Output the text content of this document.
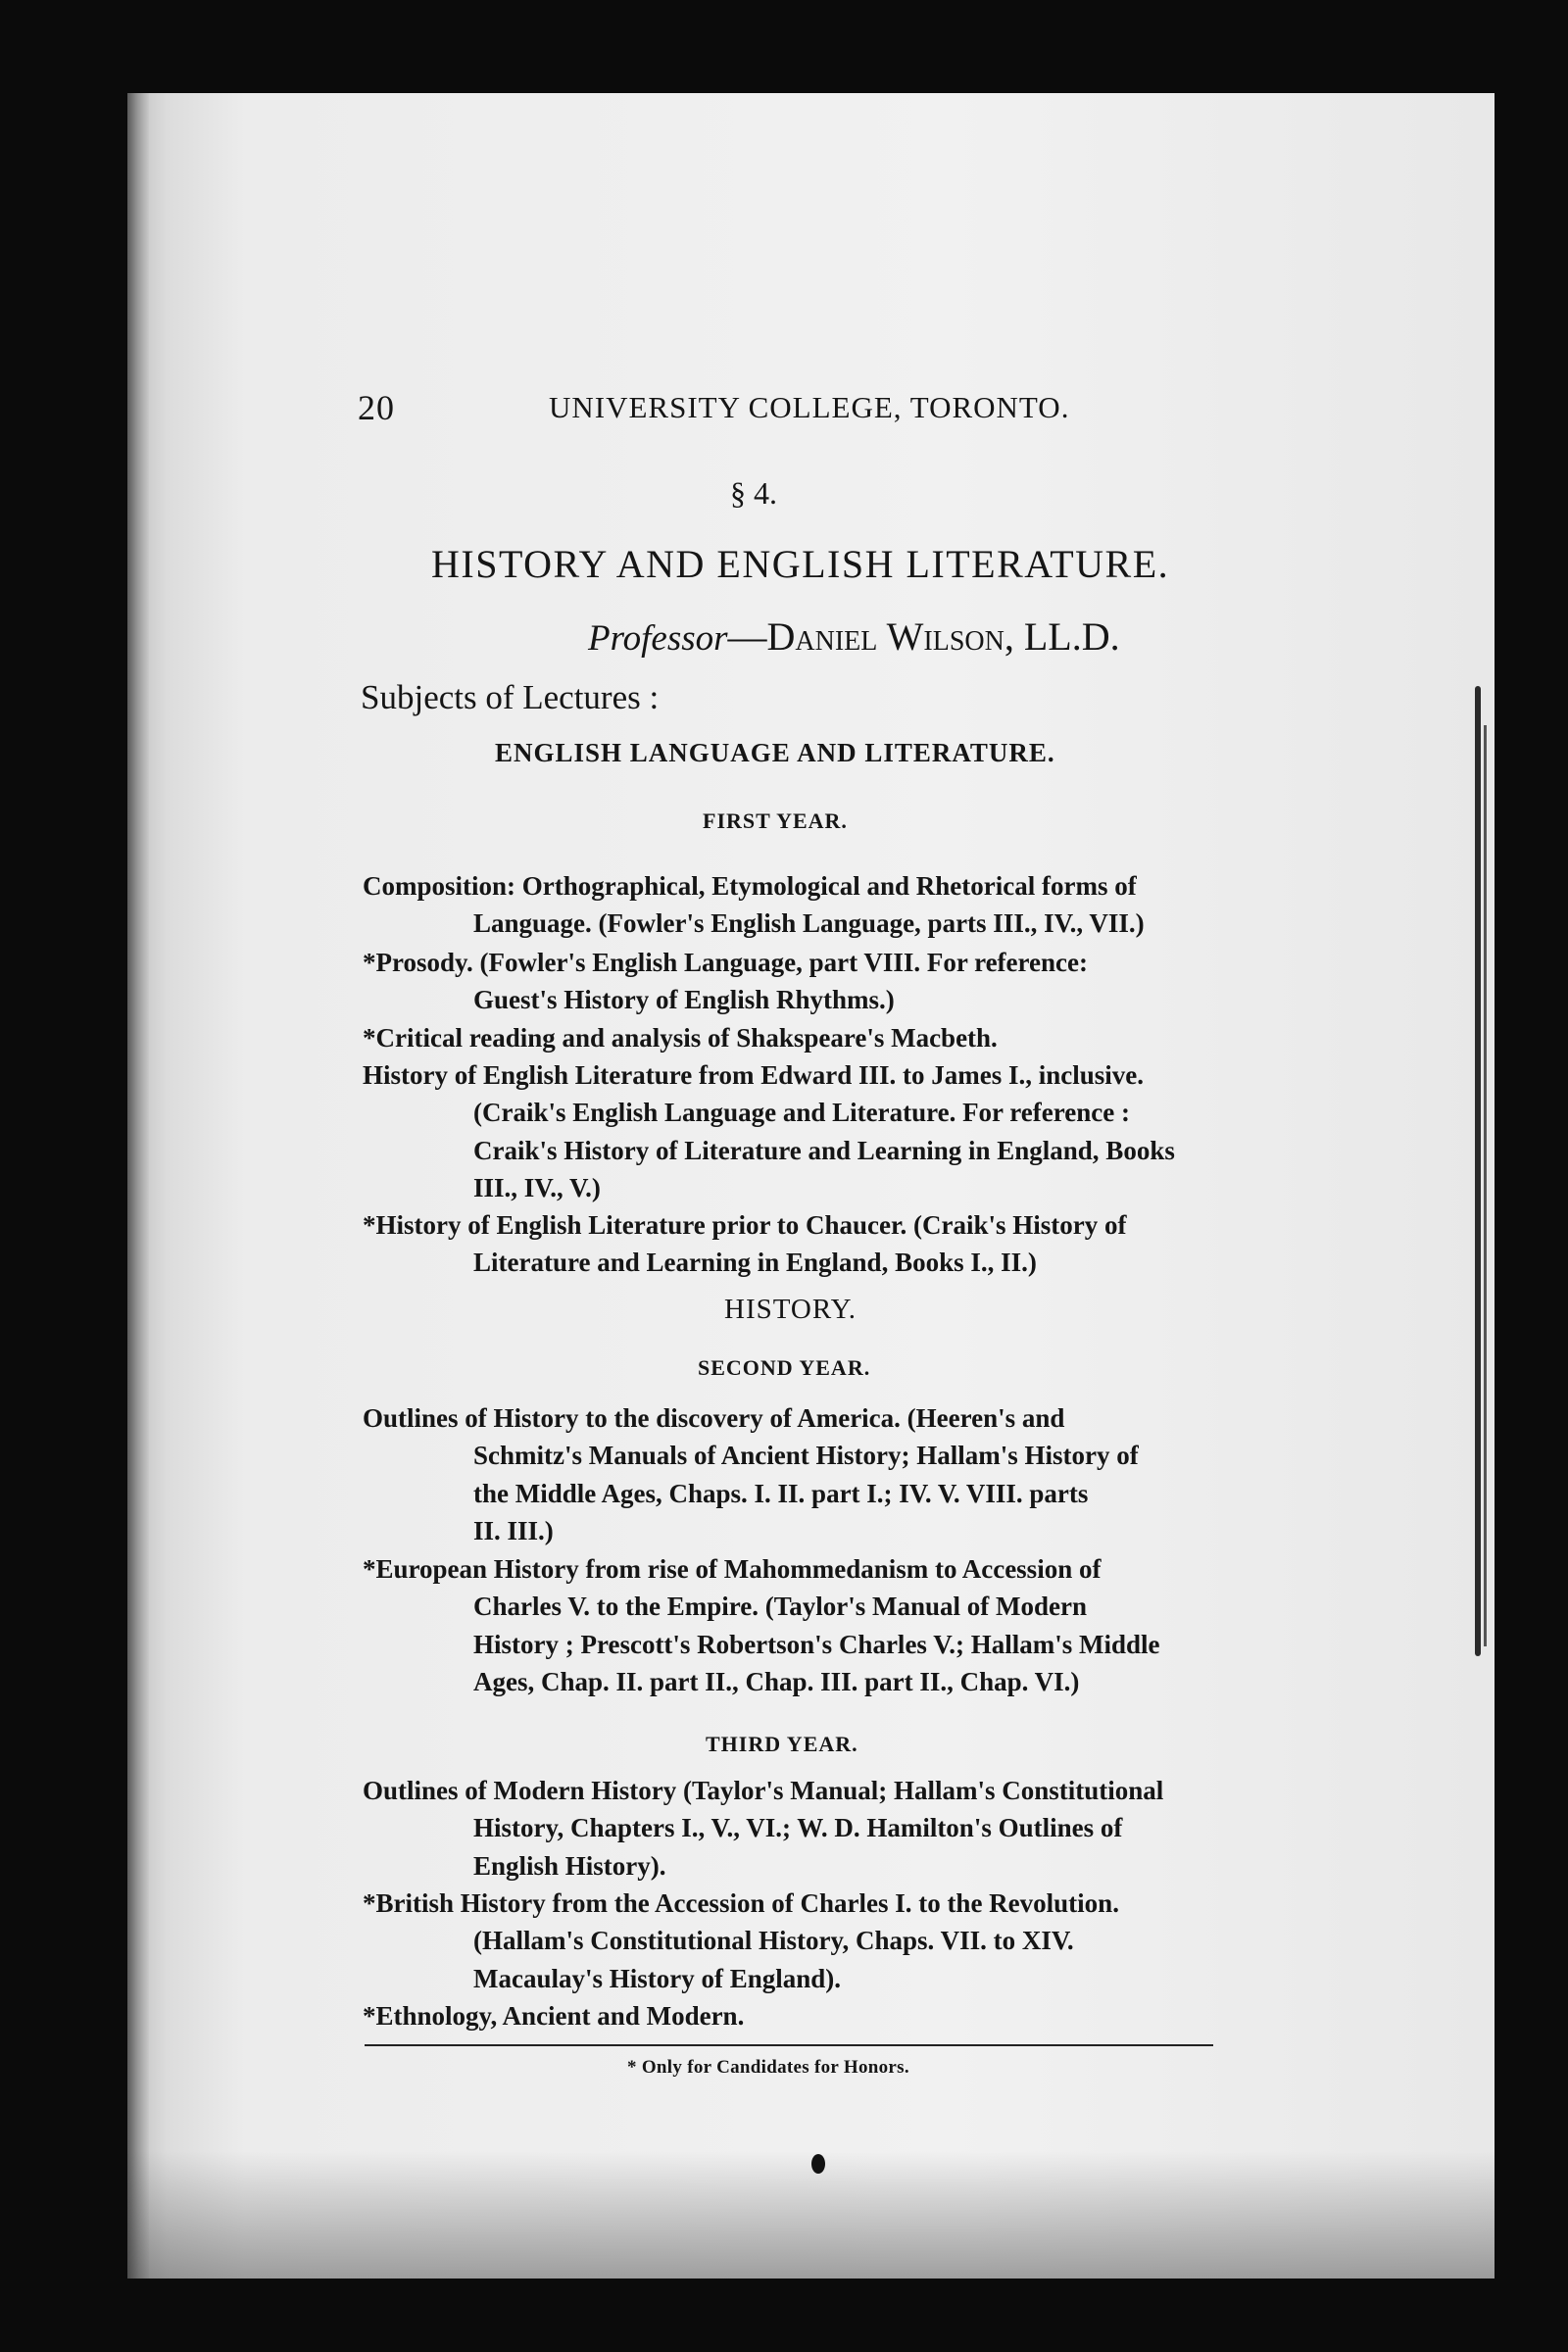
20	UNIVERSITY COLLEGE, TORONTO.
§ 4.
HISTORY AND ENGLISH LITERATURE.
Professor—Daniel Wilson, LL.D.
Subjects of Lectures :
ENGLISH LANGUAGE AND LITERATURE.
FIRST YEAR.
Composition: Orthographical, Etymological and Rhetorical forms of
Language. (Fowler's English Language, parts III., IV., VII.)
*Prosody. (Fowler's English Language, part VIII. For reference:
Guest's History of English Rhythms.)
*Critical reading and analysis of Shakspeare's Macbeth.
History of English Literature from Edward III. to James I., inclusive.
(Craik's English Language and Literature. For reference :
Craik's History of Literature and Learning in England, Books
III., IV., V.)
*History of English Literature prior to Chaucer. (Craik's History of
Literature and Learning in England, Books I., II.)
HISTORY.
SECOND YEAR.
Outlines of History to the discovery of America. (Heeren's and
Schmitz's Manuals of Ancient History; Hallam's History of
the Middle Ages, Chaps. I. II. part I.; IV. V. VIII. parts
II. III.)
*European History from rise of Mahommedanism to Accession of
Charles V. to the Empire. (Taylor's Manual of Modern
History ; Prescott's Robertson's Charles V.; Hallam's Middle
Ages, Chap. II. part II., Chap. III. part II., Chap. VI.)
THIRD YEAR.
Outlines of Modern History (Taylor's Manual; Hallam's Constitutional
History, Chapters I., V., VI.; W. D. Hamilton's Outlines of
English History).
*British History from the Accession of Charles I. to the Revolution.
(Hallam's Constitutional History, Chaps. VII. to XIV.
Macaulay's History of England).
*Ethnology, Ancient and Modern.
* Only for Candidates for Honors.
